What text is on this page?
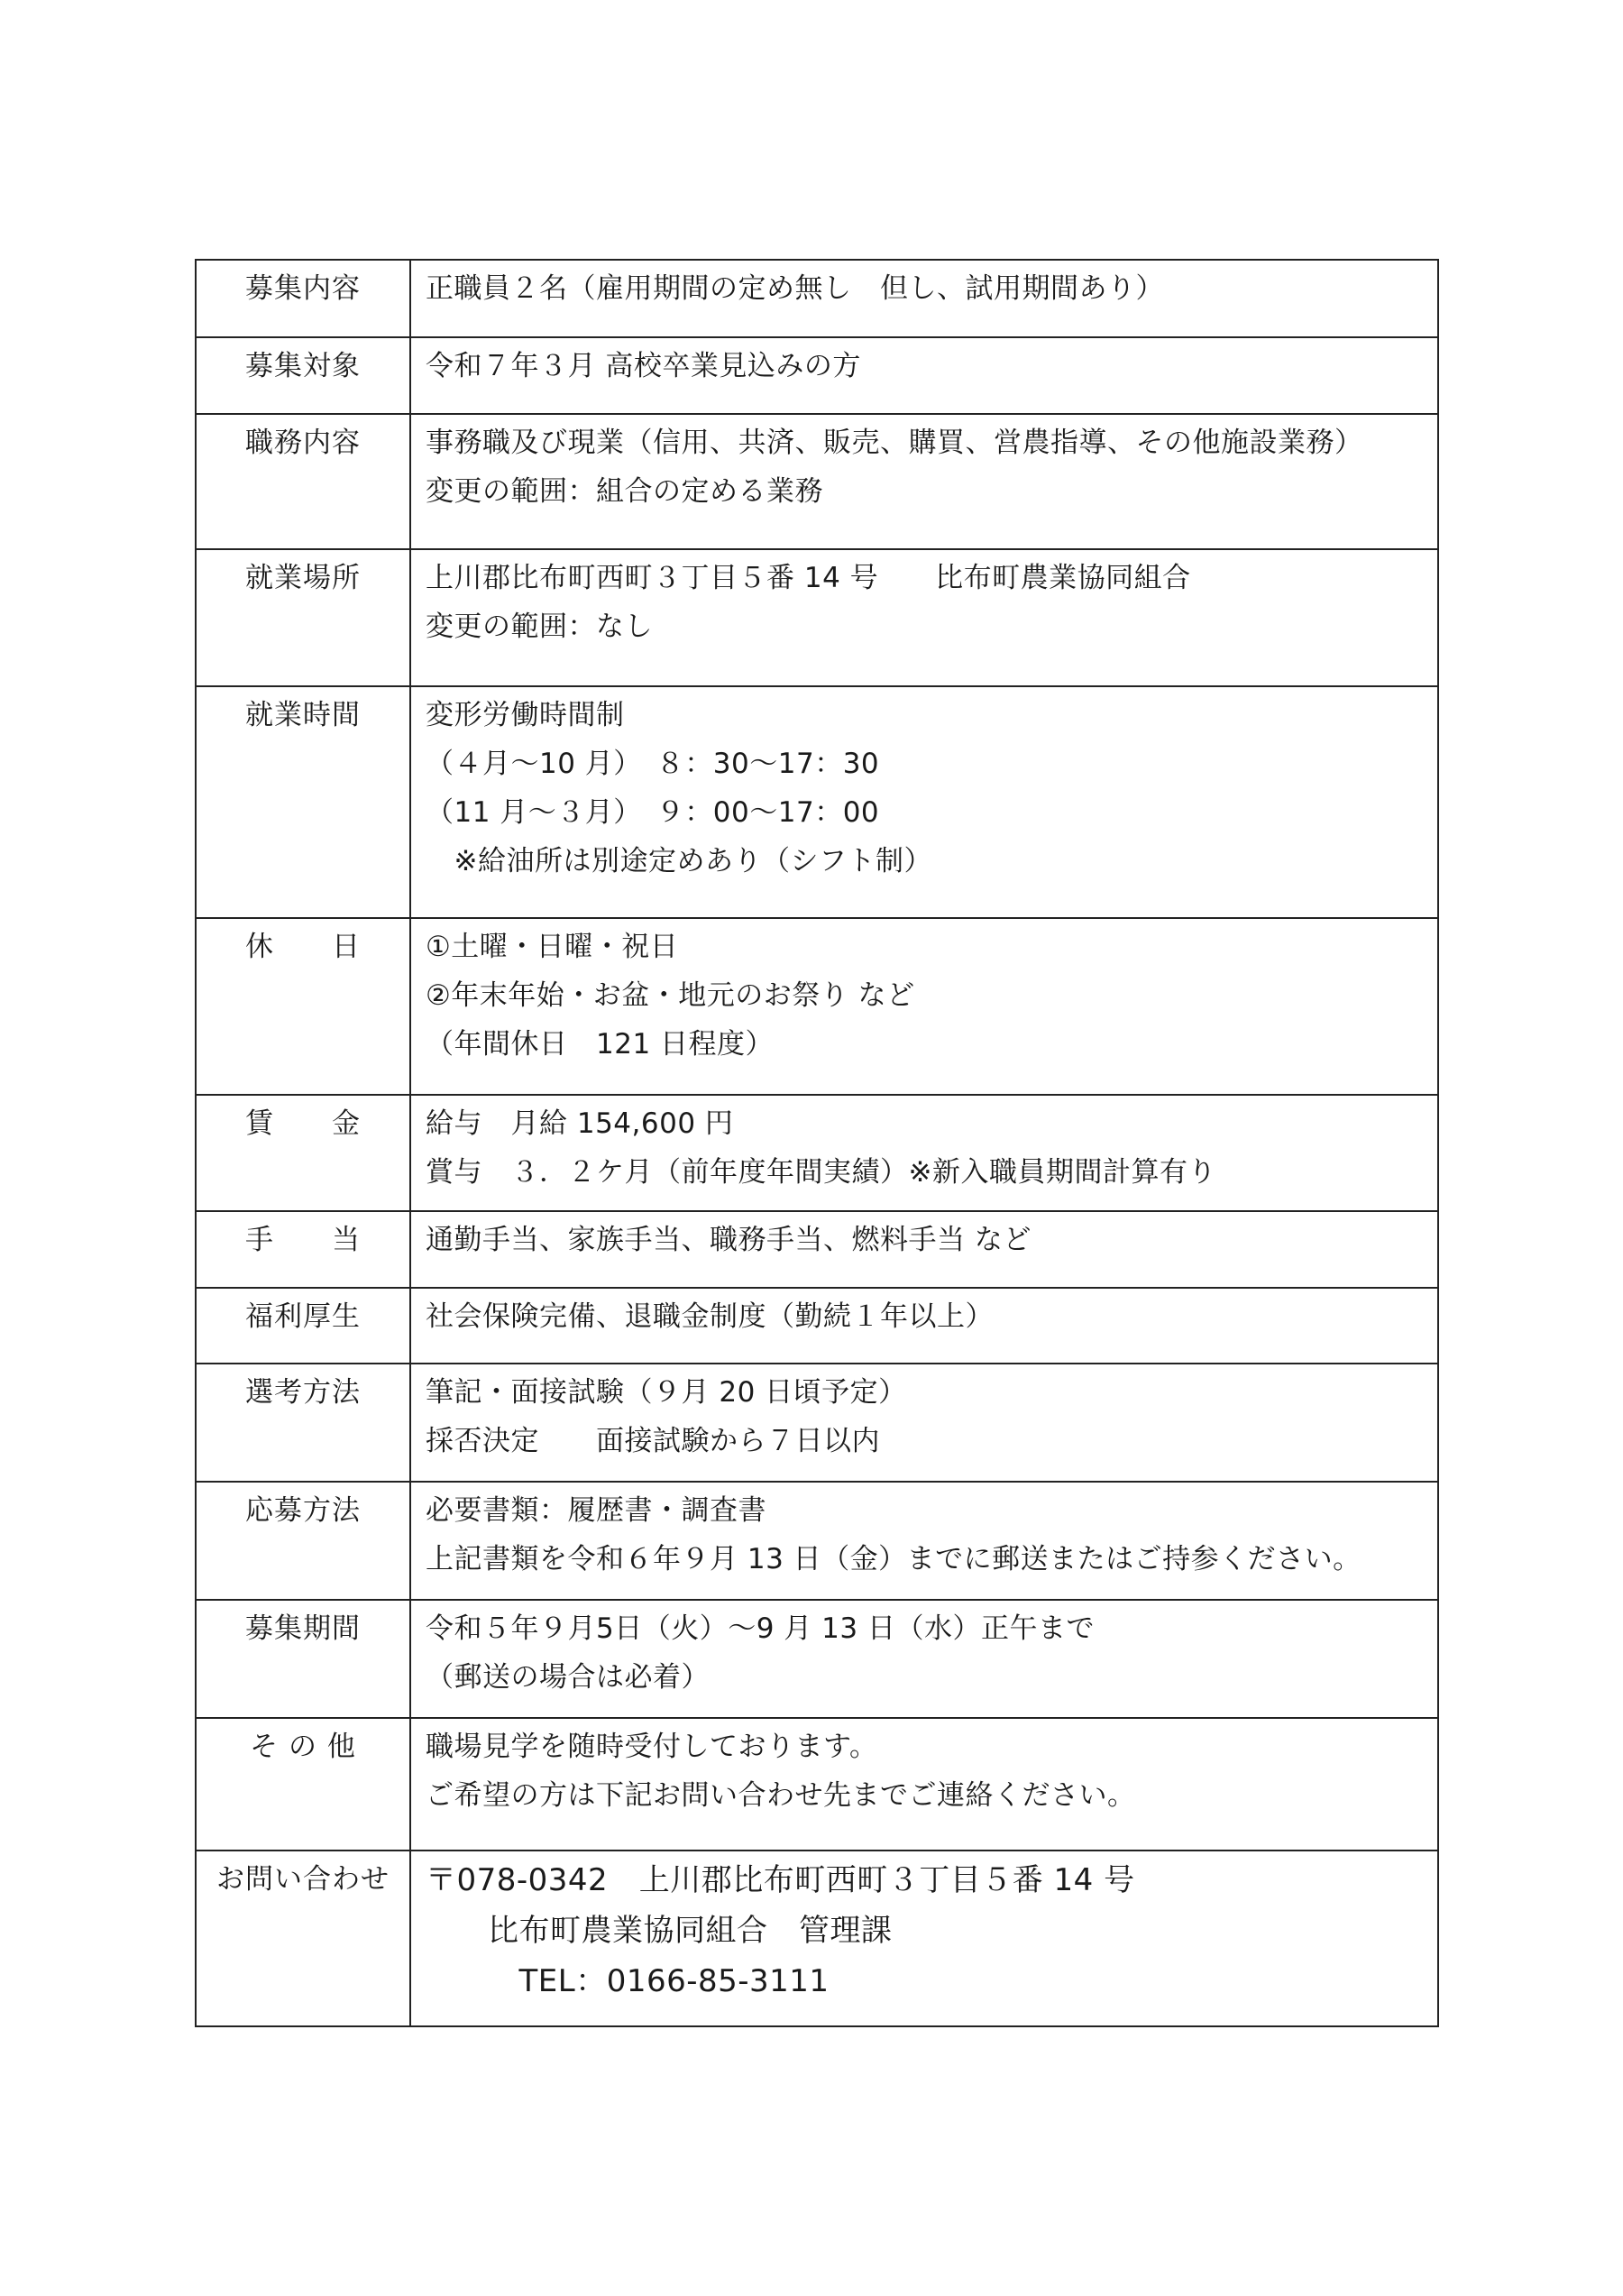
募集内容	正職員２名（雇用期間の定め無し　但し、試用期間あり）

募集対象	令和７年３月 高校卒業見込みの方

職務内容	事務職及び現業（信用、共済、販売、購買、営農指導、その他施設業務）
変更の範囲：組合の定める業務

就業場所	上川郡比布町西町３丁目５番 14 号　　比布町農業協同組合
変更の範囲：なし

就業時間	変形労働時間制
（４月～10 月）　８：30～17：30
（11 月～３月）　９：00～17：00
　※給油所は別途定めあり（シフト制）

休　　日	①土曜・日曜・祝日
②年末年始・お盆・地元のお祭り など
（年間休日　121 日程度）

賃　　金	給与　月給 154,600 円
賞与　３．２ケ月（前年度年間実績）※新入職員期間計算有り

手　　当	通勤手当、家族手当、職務手当、燃料手当 など

福利厚生	社会保険完備、退職金制度（勤続１年以上）

選考方法	筆記・面接試験（９月 20 日頃予定）
採否決定　　面接試験から７日以内

応募方法	必要書類：履歴書・調査書
上記書類を令和６年９月 13 日（金）までに郵送またはご持参ください。

募集期間	令和５年９月5日（火）～9 月 13 日（水）正午まで
（郵送の場合は必着）

そ の 他	職場見学を随時受付しております。
ご希望の方は下記お問い合わせ先までご連絡ください。

お問い合わせ	〒078-0342　上川郡比布町西町３丁目５番 14 号
　　比布町農業協同組合　管理課
　　　TEL：0166-85-3111
